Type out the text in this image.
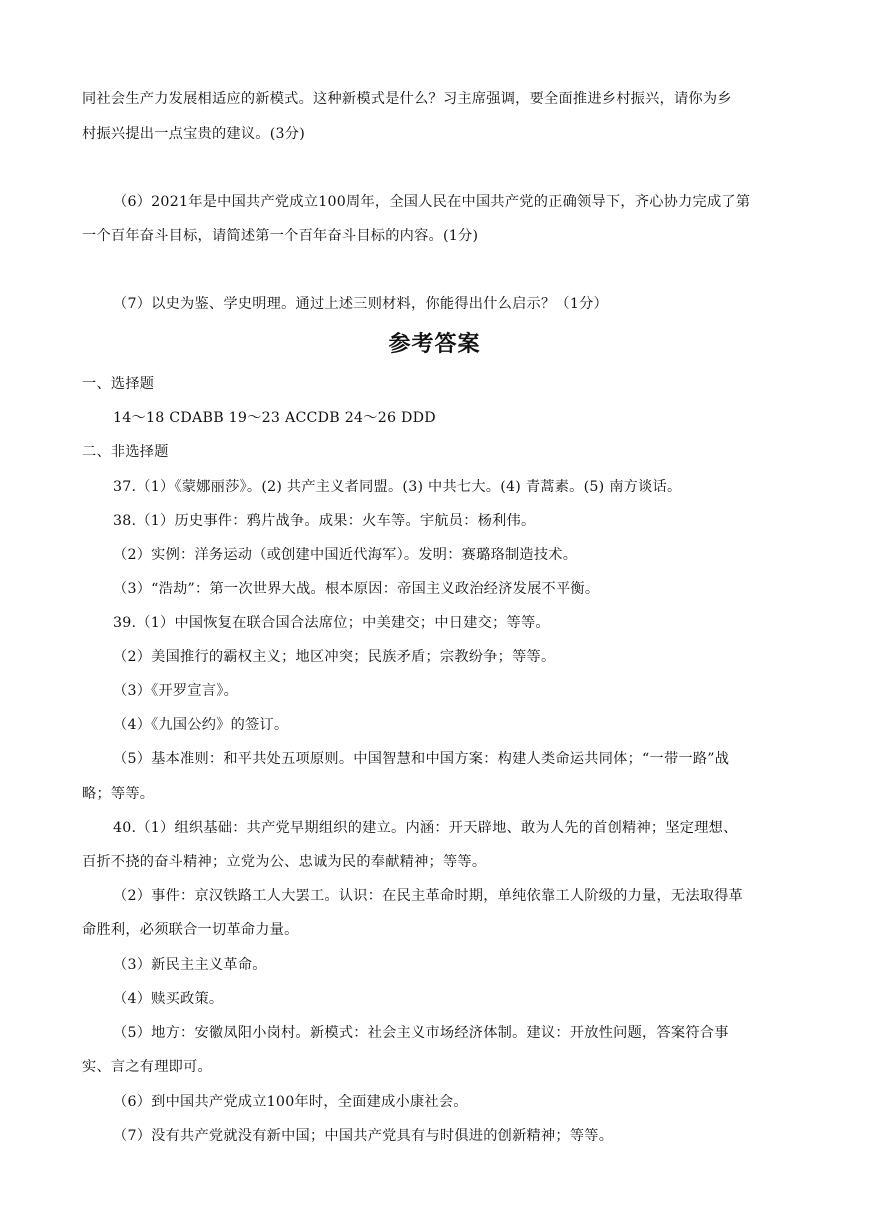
同社会生产力发展相适应的新模式。这种新模式是什么？习主席强调，要全面推进乡村振兴，请你为乡
村振兴提出一点宝贵的建议。(3分)
（6）2021年是中国共产党成立100周年，全国人民在中国共产党的正确领导下，齐心协力完成了第
一个百年奋斗目标，请简述第一个百年奋斗目标的内容。(1分)
（7）以史为鉴、学史明理。通过上述三则材料，你能得出什么启示？（1分）
参考答案
一、选择题
14～18 CDABB 19～23 ACCDB 24～26 DDD
二、非选择题
37.（1）《蒙娜丽莎》。(2) 共产主义者同盟。(3) 中共七大。(4) 青蒿素。(5) 南方谈话。
38.（1）历史事件：鸦片战争。成果：火车等。宇航员：杨利伟。
（2）实例：洋务运动（或创建中国近代海军）。发明：赛璐珞制造技术。
（3）“浩劫”：第一次世界大战。根本原因：帝国主义政治经济发展不平衡。
39.（1）中国恢复在联合国合法席位；中美建交；中日建交；等等。
（2）美国推行的霸权主义；地区冲突；民族矛盾；宗教纷争；等等。
（3）《开罗宣言》。
（4）《九国公约》的签订。
（5）基本准则：和平共处五项原则。中国智慧和中国方案：构建人类命运共同体；“一带一路”战
略；等等。
40.（1）组织基础：共产党早期组织的建立。内涵：开天辟地、敢为人先的首创精神；坚定理想、
百折不挠的奋斗精神；立党为公、忠诚为民的奉献精神；等等。
（2）事件：京汉铁路工人大罢工。认识：在民主革命时期，单纯依靠工人阶级的力量，无法取得革
命胜利，必须联合一切革命力量。
（3）新民主主义革命。
（4）赎买政策。
（5）地方：安徽凤阳小岗村。新模式：社会主义市场经济体制。建议：开放性问题，答案符合事
实、言之有理即可。
（6）到中国共产党成立100年时，全面建成小康社会。
（7）没有共产党就没有新中国；中国共产党具有与时俱进的创新精神；等等。
